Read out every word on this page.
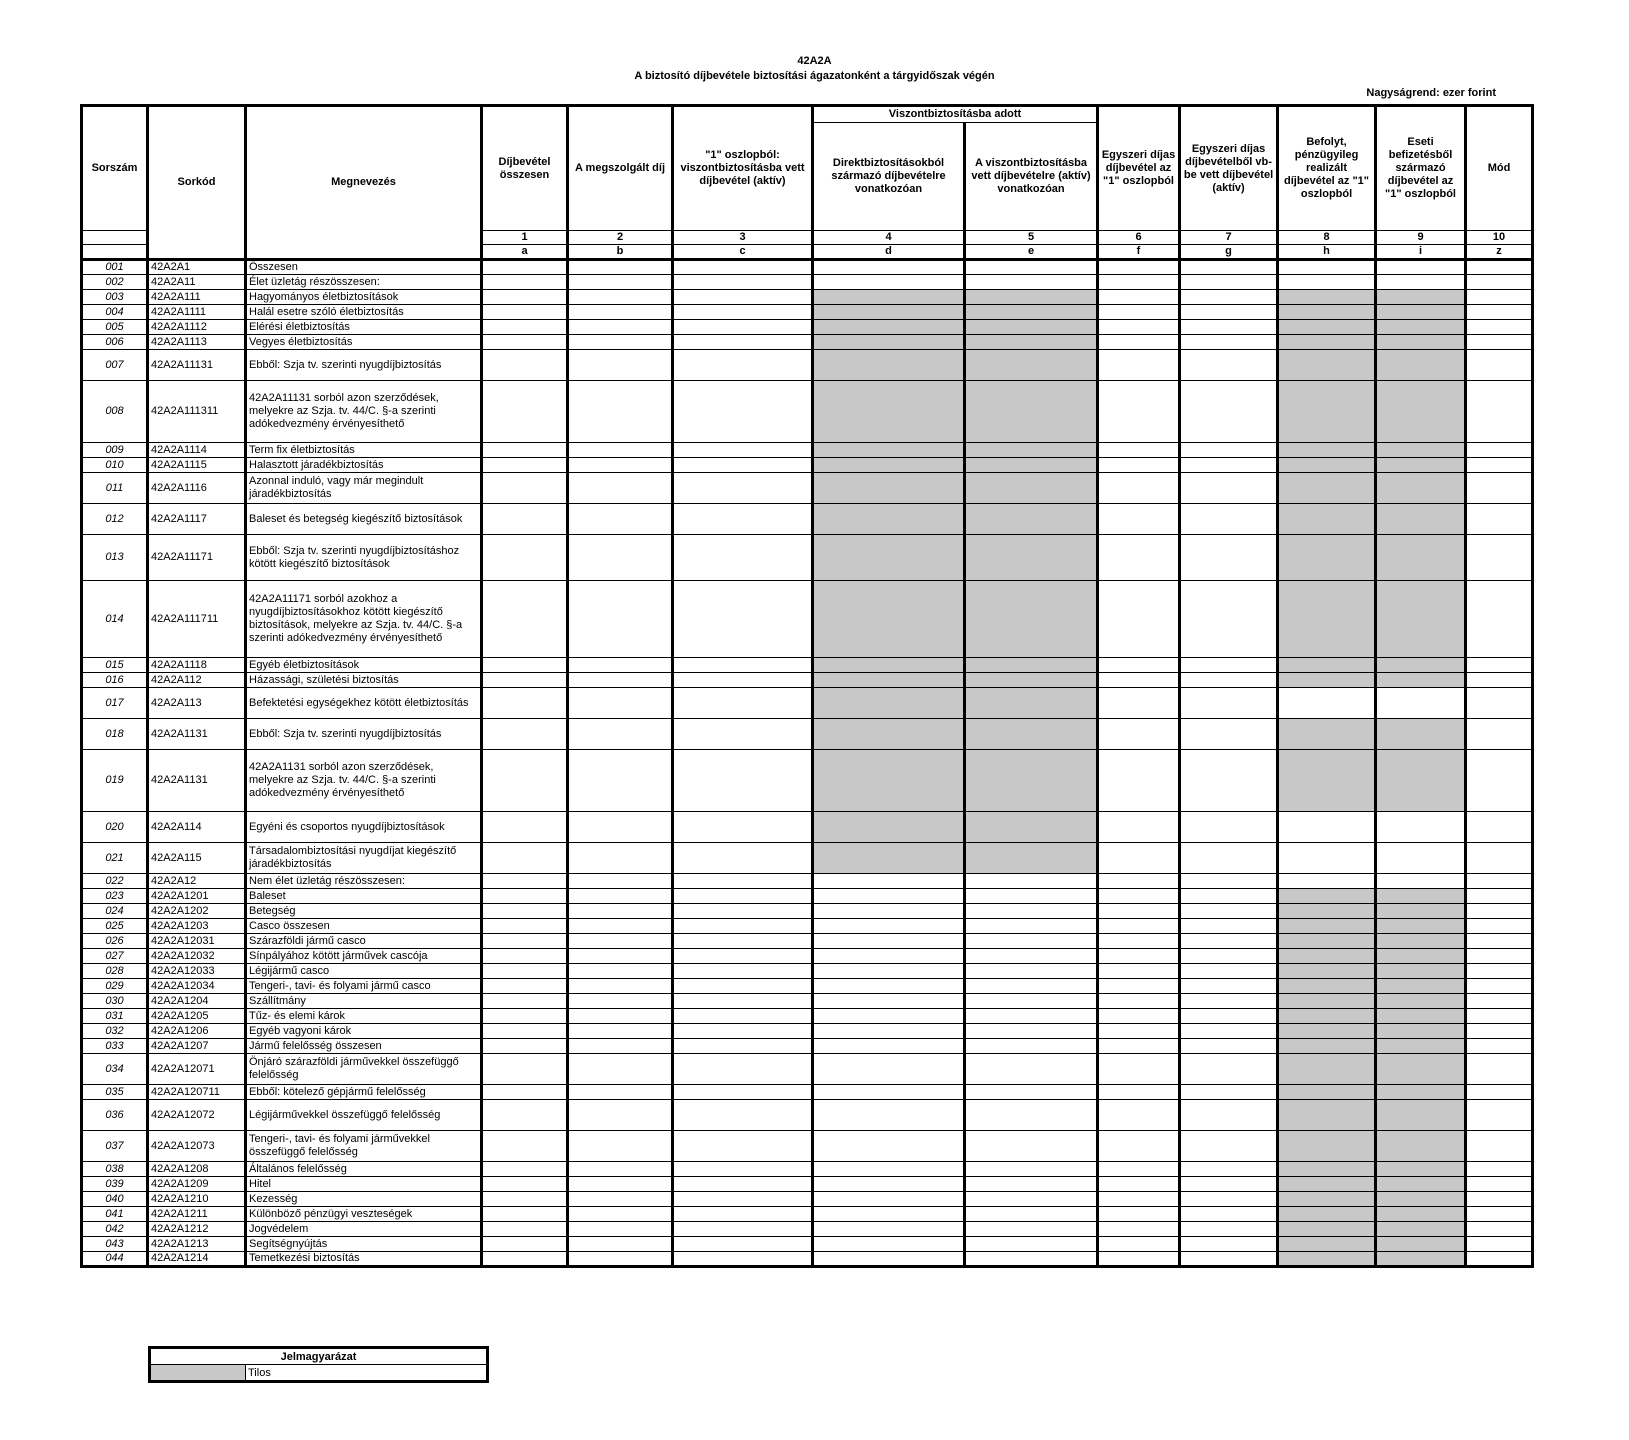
42A2A
A biztosító díjbevétele biztosítási ágazatonként a tárgyidőszak végén
Nagyságrend: ezer forint
Sorszám	Sorkód	Megnevezés	Díjbevétel összesen	A megszolgált díj	"1" oszlopból: viszontbiztosításba vett díjbevétel (aktív)	Viszontbiztosításba adott		Egyszeri díjas díjbevétel az "1" oszlopból	Egyszeri díjas díjbevételből vb-be vett díjbevétel (aktív)	Befolyt, pénzügyileg realizált díjbevétel az "1" oszlopból	Eseti befizetésből származó díjbevétel az "1" oszlopból	Mód
						Direktbiztosításokból származó díjbevételre vonatkozóan	A viszontbiztosításba vett díjbevételre (aktív) vonatkozóan					
			1	2	3	4	5	6	7	8	9	10
			a	b	c	d	e	f	g	h	i	z
001	42A2A1	Összesen										
002	42A2A11	Élet üzletág részösszesen:										
003	42A2A111	Hagyományos életbiztosítások										
004	42A2A1111	Halál esetre szóló életbiztosítás										
005	42A2A1112	Elérési életbiztosítás										
006	42A2A1113	Vegyes életbiztosítás										
007	42A2A11131	Ebből: Szja tv. szerinti nyugdíjbiztosítás										
008	42A2A111311	42A2A11131 sorból azon szerződések, melyekre az Szja. tv. 44/C. §-a szerinti adókedvezmény érvényesíthető										
009	42A2A1114	Term fix életbiztosítás										
010	42A2A1115	Halasztott járadékbiztosítás										
011	42A2A1116	Azonnal induló, vagy már megindult járadékbiztosítás										
012	42A2A1117	Baleset és betegség kiegészítő biztosítások										
013	42A2A11171	Ebből: Szja tv. szerinti nyugdíjbiztosításhoz kötött kiegészítő biztosítások										
014	42A2A111711	42A2A11171 sorból azokhoz a nyugdíjbiztosításokhoz kötött kiegészítő biztosítások, melyekre az Szja. tv. 44/C. §-a szerinti adókedvezmény érvényesíthető										
015	42A2A1118	Egyéb életbiztosítások										
016	42A2A112	Házassági, születési biztosítás										
017	42A2A113	Befektetési egységekhez kötött életbiztosítás										
018	42A2A1131	Ebből: Szja tv. szerinti nyugdíjbiztosítás										
019	42A2A1131	42A2A1131 sorból azon szerződések, melyekre az Szja. tv. 44/C. §-a szerinti adókedvezmény érvényesíthető										
020	42A2A114	Egyéni és csoportos nyugdíjbiztosítások										
021	42A2A115	Társadalombiztosítási nyugdíjat kiegészítő járadékbiztosítás										
022	42A2A12	Nem élet üzletág részösszesen:										
023	42A2A1201	Baleset										
024	42A2A1202	Betegség										
025	42A2A1203	Casco összesen										
026	42A2A12031	Szárazföldi jármű casco										
027	42A2A12032	Sínpályához kötött járművek cascója										
028	42A2A12033	Légijármű casco										
029	42A2A12034	Tengeri-, tavi- és folyami jármű casco										
030	42A2A1204	Szállítmány										
031	42A2A1205	Tűz- és elemi károk										
032	42A2A1206	Egyéb vagyoni károk										
033	42A2A1207	Jármű felelősség összesen										
034	42A2A12071	Önjáró szárazföldi járművekkel összefüggő felelősség										
035	42A2A120711	Ebből: kötelező gépjármű felelősség										
036	42A2A12072	Légijárművekkel összefüggő felelősség										
037	42A2A12073	Tengeri-, tavi- és folyami járművekkel összefüggő felelősség										
038	42A2A1208	Általános felelősség										
039	42A2A1209	Hitel										
040	42A2A1210	Kezesség										
041	42A2A1211	Különböző pénzügyi veszteségek										
042	42A2A1212	Jogvédelem										
043	42A2A1213	Segítségnyújtás										
044	42A2A1214	Temetkezési biztosítás										
Jelmagyarázat
	Tilos
